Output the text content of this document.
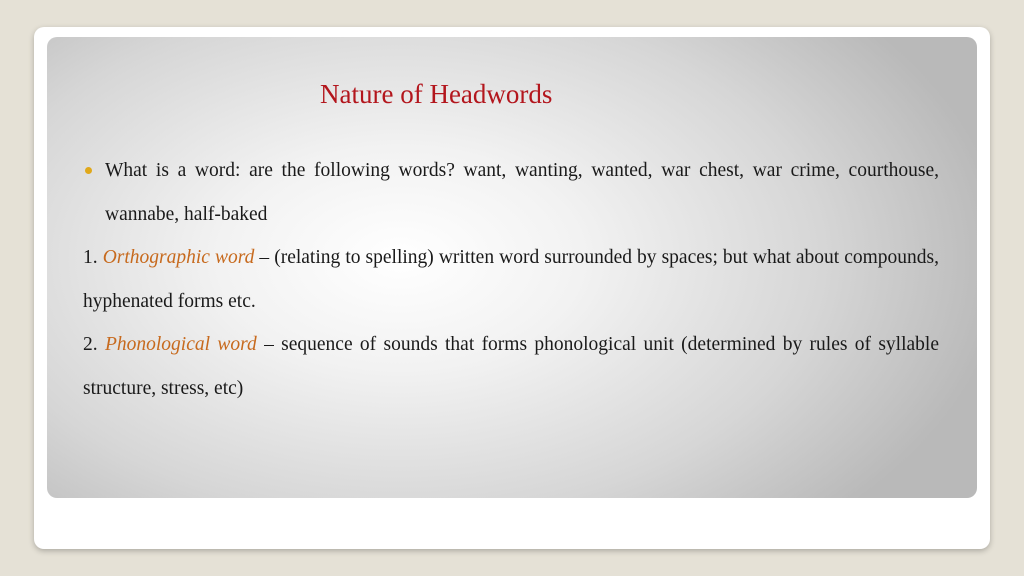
Nature of Headwords

What is a word: are the following words? want, wanting, wanted, war chest, war crime, courthouse, wannabe, half-baked

1. Orthographic word – (relating to spelling) written word surrounded by spaces; but what about compounds, hyphenated forms etc.

2. Phonological word – sequence of sounds that forms phonological unit (determined by rules of syllable structure, stress, etc)
